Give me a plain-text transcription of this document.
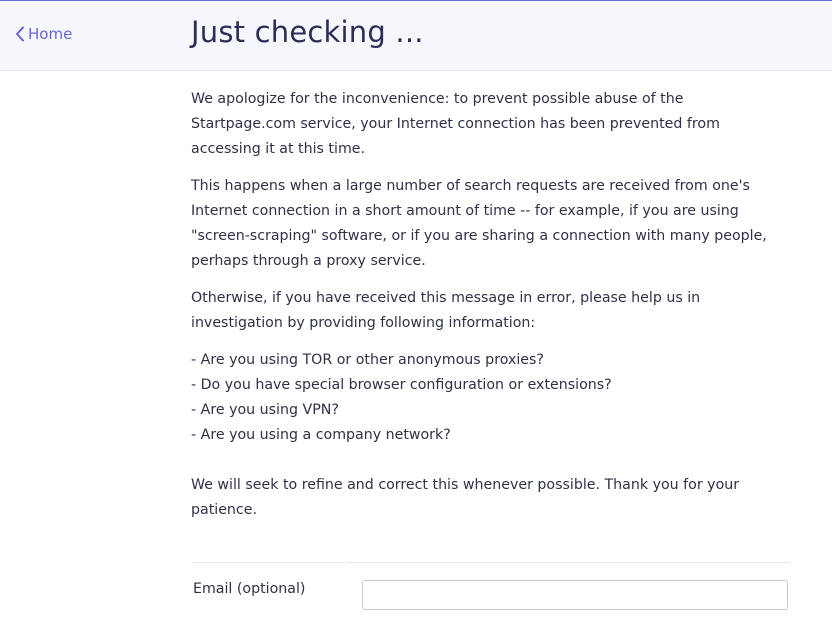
Home	Just checking ...

We apologize for the inconvenience: to prevent possible abuse of the Startpage.com service, your Internet connection has been prevented from accessing it at this time.

This happens when a large number of search requests are received from one's Internet connection in a short amount of time -- for example, if you are using "screen-scraping" software, or if you are sharing a connection with many people, perhaps through a proxy service.

Otherwise, if you have received this message in error, please help us in investigation by providing following information:

- Are you using TOR or other anonymous proxies?
- Do you have special browser configuration or extensions?
- Are you using VPN?
- Are you using a company network?

We will seek to refine and correct this whenever possible. Thank you for your patience.

Email (optional)
